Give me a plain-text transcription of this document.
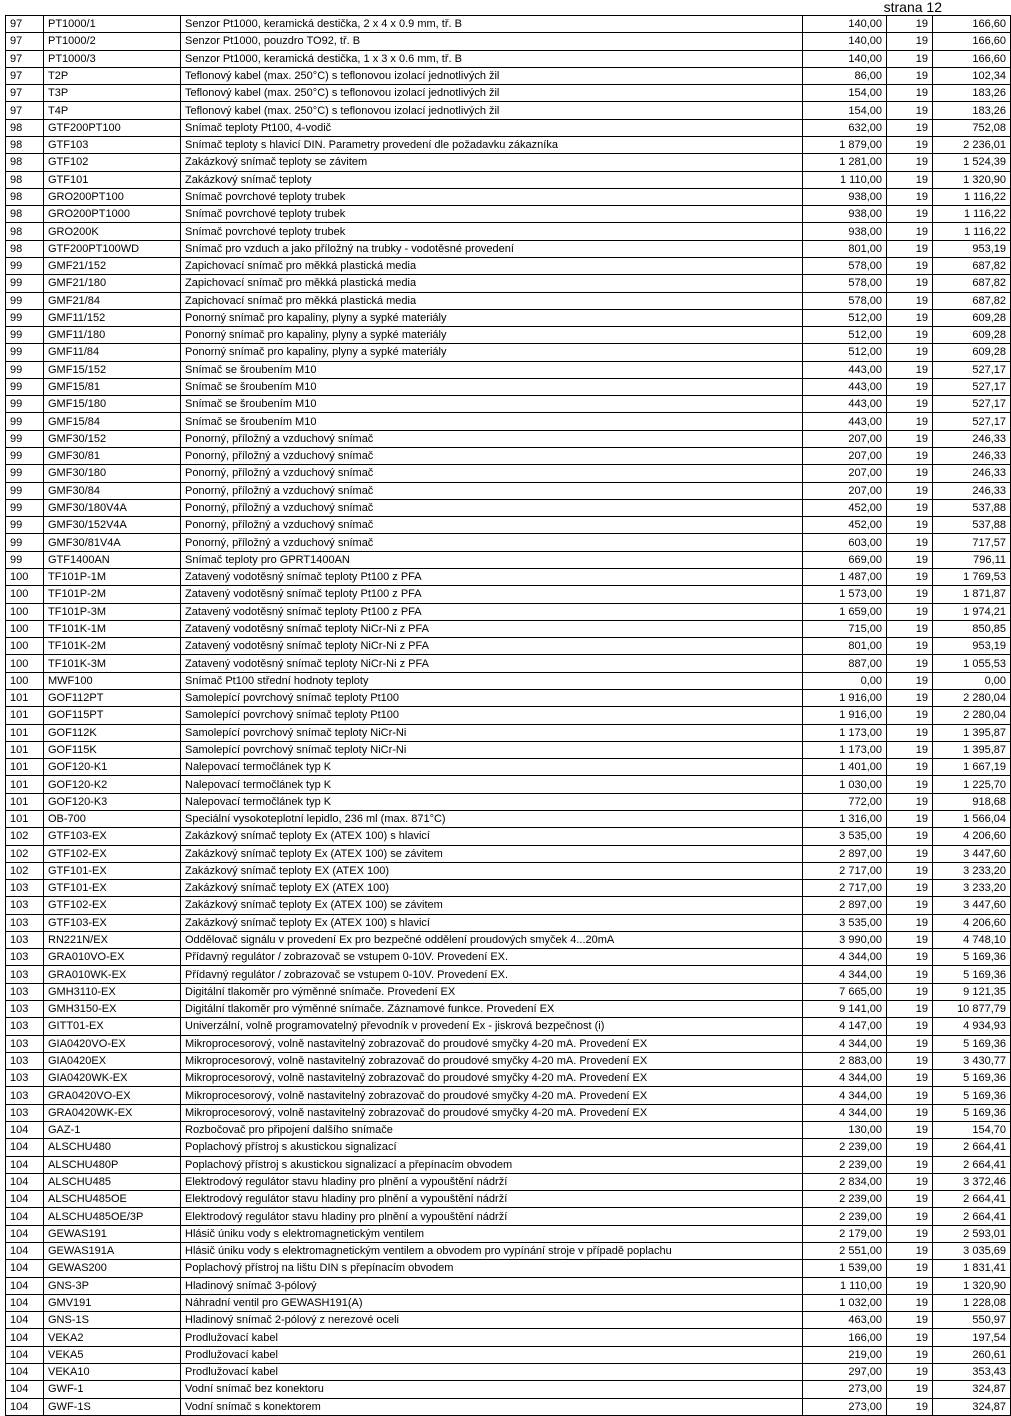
strana 12
97	PT1000/1	Senzor Pt1000, keramická destička, 2 x 4 x 0.9 mm, tř. B	140,00	19	166,60
97	PT1000/2	Senzor Pt1000, pouzdro TO92, tř. B	140,00	19	166,60
97	PT1000/3	Senzor Pt1000, keramická destička, 1 x 3 x 0.6 mm, tř. B	140,00	19	166,60
97	T2P	Teflonový kabel (max. 250°C) s teflonovou izolací jednotlivých žil	86,00	19	102,34
97	T3P	Teflonový kabel (max. 250°C) s teflonovou izolací jednotlivých žil	154,00	19	183,26
97	T4P	Teflonový kabel (max. 250°C) s teflonovou izolací jednotlivých žil	154,00	19	183,26
98	GTF200PT100	Snímač teploty Pt100, 4-vodič	632,00	19	752,08
98	GTF103	Snímač teploty s hlavicí DIN. Parametry provedení dle požadavku zákazníka	1 879,00	19	2 236,01
98	GTF102	Zakázkový snímač teploty se závitem	1 281,00	19	1 524,39
98	GTF101	Zakázkový snímač teploty	1 110,00	19	1 320,90
98	GRO200PT100	Snímač povrchové teploty trubek	938,00	19	1 116,22
98	GRO200PT1000	Snímač povrchové teploty trubek	938,00	19	1 116,22
98	GRO200K	Snímač povrchové teploty trubek	938,00	19	1 116,22
98	GTF200PT100WD	Snímač pro vzduch a jako příložný na trubky - vodotěsné provedení	801,00	19	953,19
99	GMF21/152	Zapichovací snímač pro měkká plastická media	578,00	19	687,82
99	GMF21/180	Zapichovací snímač pro měkká plastická media	578,00	19	687,82
99	GMF21/84	Zapichovací snímač pro měkká plastická media	578,00	19	687,82
99	GMF11/152	Ponorný snímač pro kapaliny, plyny a sypké materiály	512,00	19	609,28
99	GMF11/180	Ponorný snímač pro kapaliny, plyny a sypké materiály	512,00	19	609,28
99	GMF11/84	Ponorný snímač pro kapaliny, plyny a sypké materiály	512,00	19	609,28
99	GMF15/152	Snímač se šroubením M10	443,00	19	527,17
99	GMF15/81	Snímač se šroubením M10	443,00	19	527,17
99	GMF15/180	Snímač se šroubením M10	443,00	19	527,17
99	GMF15/84	Snímač se šroubením M10	443,00	19	527,17
99	GMF30/152	Ponorný, příložný a vzduchový snímač	207,00	19	246,33
99	GMF30/81	Ponorný, příložný a vzduchový snímač	207,00	19	246,33
99	GMF30/180	Ponorný, příložný a vzduchový snímač	207,00	19	246,33
99	GMF30/84	Ponorný, příložný a vzduchový snímač	207,00	19	246,33
99	GMF30/180V4A	Ponorný, příložný a vzduchový snímač	452,00	19	537,88
99	GMF30/152V4A	Ponorný, příložný a vzduchový snímač	452,00	19	537,88
99	GMF30/81V4A	Ponorný, příložný a vzduchový snímač	603,00	19	717,57
99	GTF1400AN	Snímač teploty pro GPRT1400AN	669,00	19	796,11
100	TF101P-1M	Zatavený vodotěsný snímač teploty Pt100 z PFA	1 487,00	19	1 769,53
100	TF101P-2M	Zatavený vodotěsný snímač teploty Pt100 z PFA	1 573,00	19	1 871,87
100	TF101P-3M	Zatavený vodotěsný snímač teploty Pt100 z PFA	1 659,00	19	1 974,21
100	TF101K-1M	Zatavený vodotěsný snímač teploty NiCr-Ni z PFA	715,00	19	850,85
100	TF101K-2M	Zatavený vodotěsný snímač teploty NiCr-Ni z PFA	801,00	19	953,19
100	TF101K-3M	Zatavený vodotěsný snímač teploty NiCr-Ni z PFA	887,00	19	1 055,53
100	MWF100	Snímač Pt100 střední hodnoty teploty	0,00	19	0,00
101	GOF112PT	Samolepící povrchový snímač teploty Pt100	1 916,00	19	2 280,04
101	GOF115PT	Samolepící povrchový snímač teploty Pt100	1 916,00	19	2 280,04
101	GOF112K	Samolepící povrchový snímač teploty NiCr-Ni	1 173,00	19	1 395,87
101	GOF115K	Samolepící povrchový snímač teploty NiCr-Ni	1 173,00	19	1 395,87
101	GOF120-K1	Nalepovací termočlánek typ K	1 401,00	19	1 667,19
101	GOF120-K2	Nalepovací termočlánek typ K	1 030,00	19	1 225,70
101	GOF120-K3	Nalepovací termočlánek typ K	772,00	19	918,68
101	OB-700	Speciální vysokoteplotní lepidlo, 236 ml (max. 871°C)	1 316,00	19	1 566,04
102	GTF103-EX	Zakázkový snímač teploty Ex (ATEX 100) s hlavicí	3 535,00	19	4 206,60
102	GTF102-EX	Zakázkový snímač teploty Ex (ATEX 100) se závitem	2 897,00	19	3 447,60
102	GTF101-EX	Zakázkový snímač teploty EX (ATEX 100)	2 717,00	19	3 233,20
103	GTF101-EX	Zakázkový snímač teploty EX (ATEX 100)	2 717,00	19	3 233,20
103	GTF102-EX	Zakázkový snímač teploty Ex (ATEX 100) se závitem	2 897,00	19	3 447,60
103	GTF103-EX	Zakázkový snímač teploty Ex (ATEX 100) s hlavicí	3 535,00	19	4 206,60
103	RN221N/EX	Oddělovač signálu v provedení Ex pro bezpečné oddělení proudových smyček 4...20mA	3 990,00	19	4 748,10
103	GRA010VO-EX	Přídavný regulátor / zobrazovač se vstupem 0-10V. Provedení EX.	4 344,00	19	5 169,36
103	GRA010WK-EX	Přídavný regulátor / zobrazovač se vstupem 0-10V. Provedení EX.	4 344,00	19	5 169,36
103	GMH3110-EX	Digitální tlakoměr pro výměnné snímače. Provedení EX	7 665,00	19	9 121,35
103	GMH3150-EX	Digitální tlakoměr pro výměnné snímače. Záznamové funkce. Provedení EX	9 141,00	19	10 877,79
103	GITT01-EX	Univerzální, volně programovatelný převodník v provedení Ex - jiskrová bezpečnost (i)	4 147,00	19	4 934,93
103	GIA0420VO-EX	Mikroprocesorový, volně nastavitelný zobrazovač do proudové smyčky 4-20 mA. Provedení EX	4 344,00	19	5 169,36
103	GIA0420EX	Mikroprocesorový, volně nastavitelný zobrazovač do proudové smyčky 4-20 mA. Provedení EX	2 883,00	19	3 430,77
103	GIA0420WK-EX	Mikroprocesorový, volně nastavitelný zobrazovač do proudové smyčky 4-20 mA. Provedení EX	4 344,00	19	5 169,36
103	GRA0420VO-EX	Mikroprocesorový, volně nastavitelný zobrazovač do proudové smyčky 4-20 mA. Provedení EX	4 344,00	19	5 169,36
103	GRA0420WK-EX	Mikroprocesorový, volně nastavitelný zobrazovač do proudové smyčky 4-20 mA. Provedení EX	4 344,00	19	5 169,36
104	GAZ-1	Rozbočovač pro připojení dalšího snímače	130,00	19	154,70
104	ALSCHU480	Poplachový přístroj s akustickou signalizací	2 239,00	19	2 664,41
104	ALSCHU480P	Poplachový přístroj s akustickou signalizací a přepínacím obvodem	2 239,00	19	2 664,41
104	ALSCHU485	Elektrodový regulátor stavu hladiny pro plnění a vypouštění nádrží	2 834,00	19	3 372,46
104	ALSCHU485OE	Elektrodový regulátor stavu hladiny pro plnění a vypouštění nádrží	2 239,00	19	2 664,41
104	ALSCHU485OE/3P	Elektrodový regulátor stavu hladiny pro plnění a vypouštění nádrží	2 239,00	19	2 664,41
104	GEWAS191	Hlásič úniku vody s elektromagnetickým ventilem	2 179,00	19	2 593,01
104	GEWAS191A	Hlásič úniku vody s elektromagnetickým ventilem a obvodem pro vypínání stroje v případě poplachu	2 551,00	19	3 035,69
104	GEWAS200	Poplachový přístroj na lištu DIN s přepínacím obvodem	1 539,00	19	1 831,41
104	GNS-3P	Hladinový snímač 3-pólový	1 110,00	19	1 320,90
104	GMV191	Náhradní ventil pro GEWASH191(A)	1 032,00	19	1 228,08
104	GNS-1S	Hladinový snímač 2-pólový z nerezové oceli	463,00	19	550,97
104	VEKA2	Prodlužovací kabel	166,00	19	197,54
104	VEKA5	Prodlužovací kabel	219,00	19	260,61
104	VEKA10	Prodlužovací kabel	297,00	19	353,43
104	GWF-1	Vodní snímač bez konektoru	273,00	19	324,87
104	GWF-1S	Vodní snímač s konektorem	273,00	19	324,87
